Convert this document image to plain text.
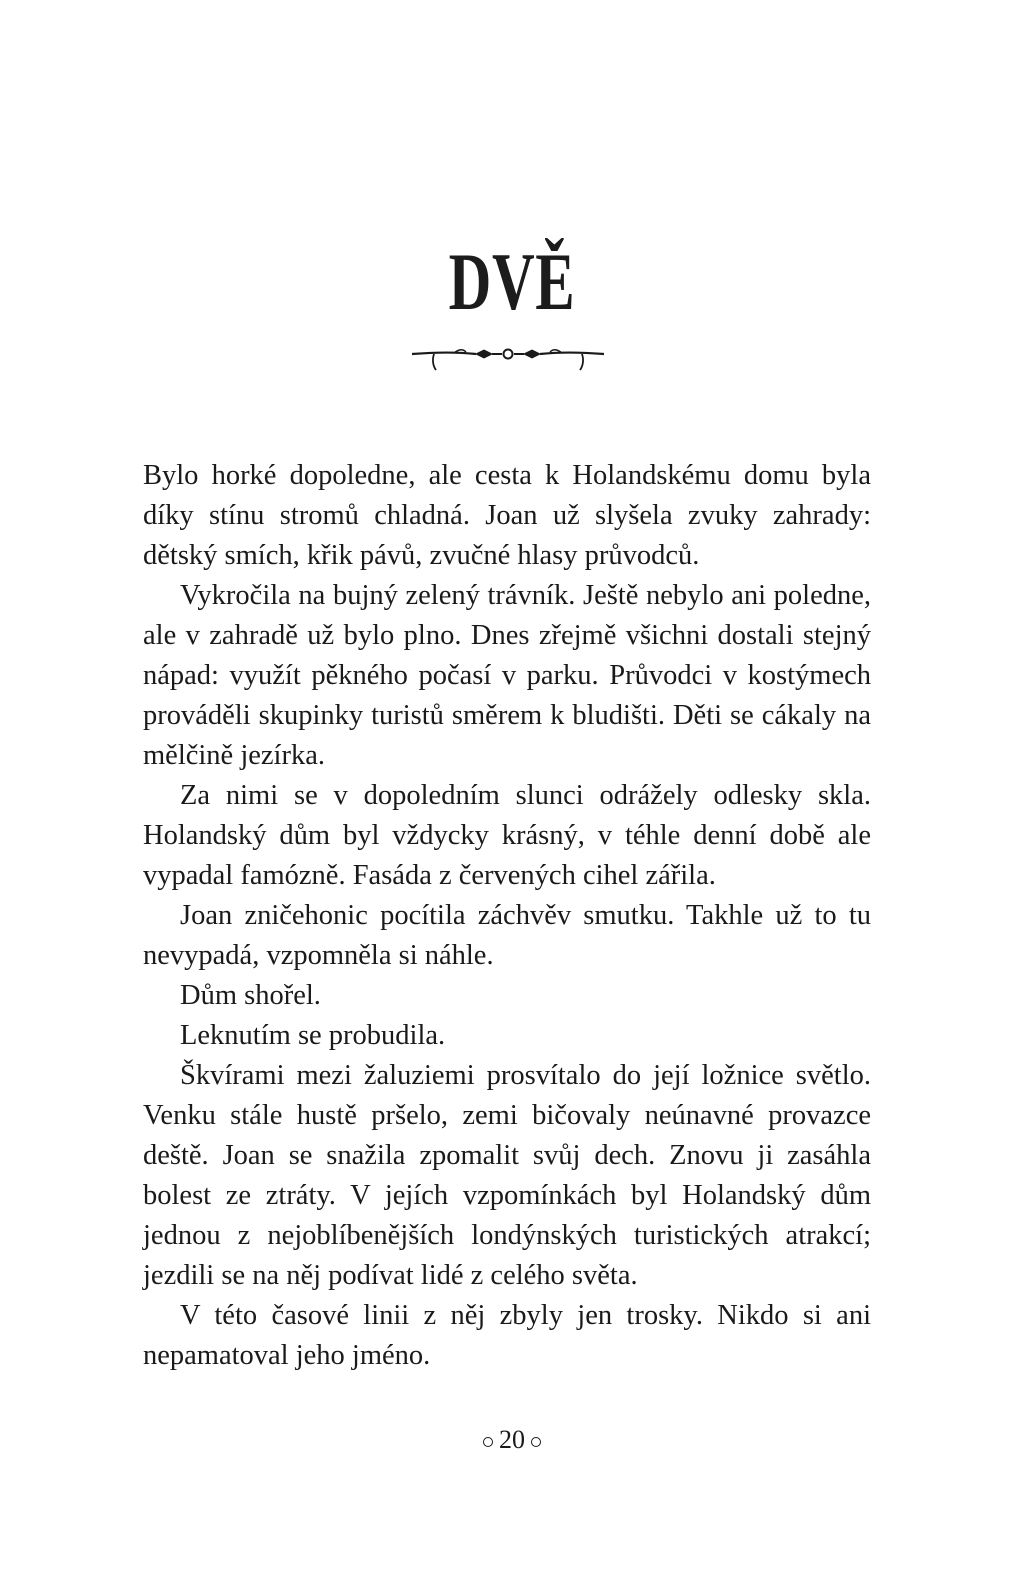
DVĚ

Bylo horké dopoledne, ale cesta k Holandskému domu byla díky stínu stromů chladná. Joan už slyšela zvuky zahrady: dětský smích, křik pávů, zvučné hlasy průvodců.

Vykročila na bujný zelený trávník. Ještě nebylo ani poledne, ale v zahradě už bylo plno. Dnes zřejmě všichni dostali stejný nápad: využít pěkného počasí v parku. Průvodci v kostýmech prováděli skupinky turistů směrem k bludišti. Děti se cákaly na mělčině jezírka.

Za nimi se v dopoledním slunci odrážely odlesky skla. Holandský dům byl vždycky krásný, v téhle denní době ale vypadal famózně. Fasáda z červených cihel zářila.

Joan zničehonic pocítila záchvěv smutku. Takhle už to tu nevypadá, vzpomněla si náhle.

Dům shořel.

Leknutím se probudila.

Škvírami mezi žaluziemi prosvítalo do její ložnice světlo. Venku stále hustě pršelo, zemi bičovaly neúnavné provazce deště. Joan se snažila zpomalit svůj dech. Znovu ji zasáhla bolest ze ztráty. V jejích vzpomínkách byl Holandský dům jednou z nejoblíbenějších londýnských turistických atrakcí; jezdili se na něj podívat lidé z celého světa.

V této časové linii z něj zbyly jen trosky. Nikdo si ani nepamatoval jeho jméno.

20
